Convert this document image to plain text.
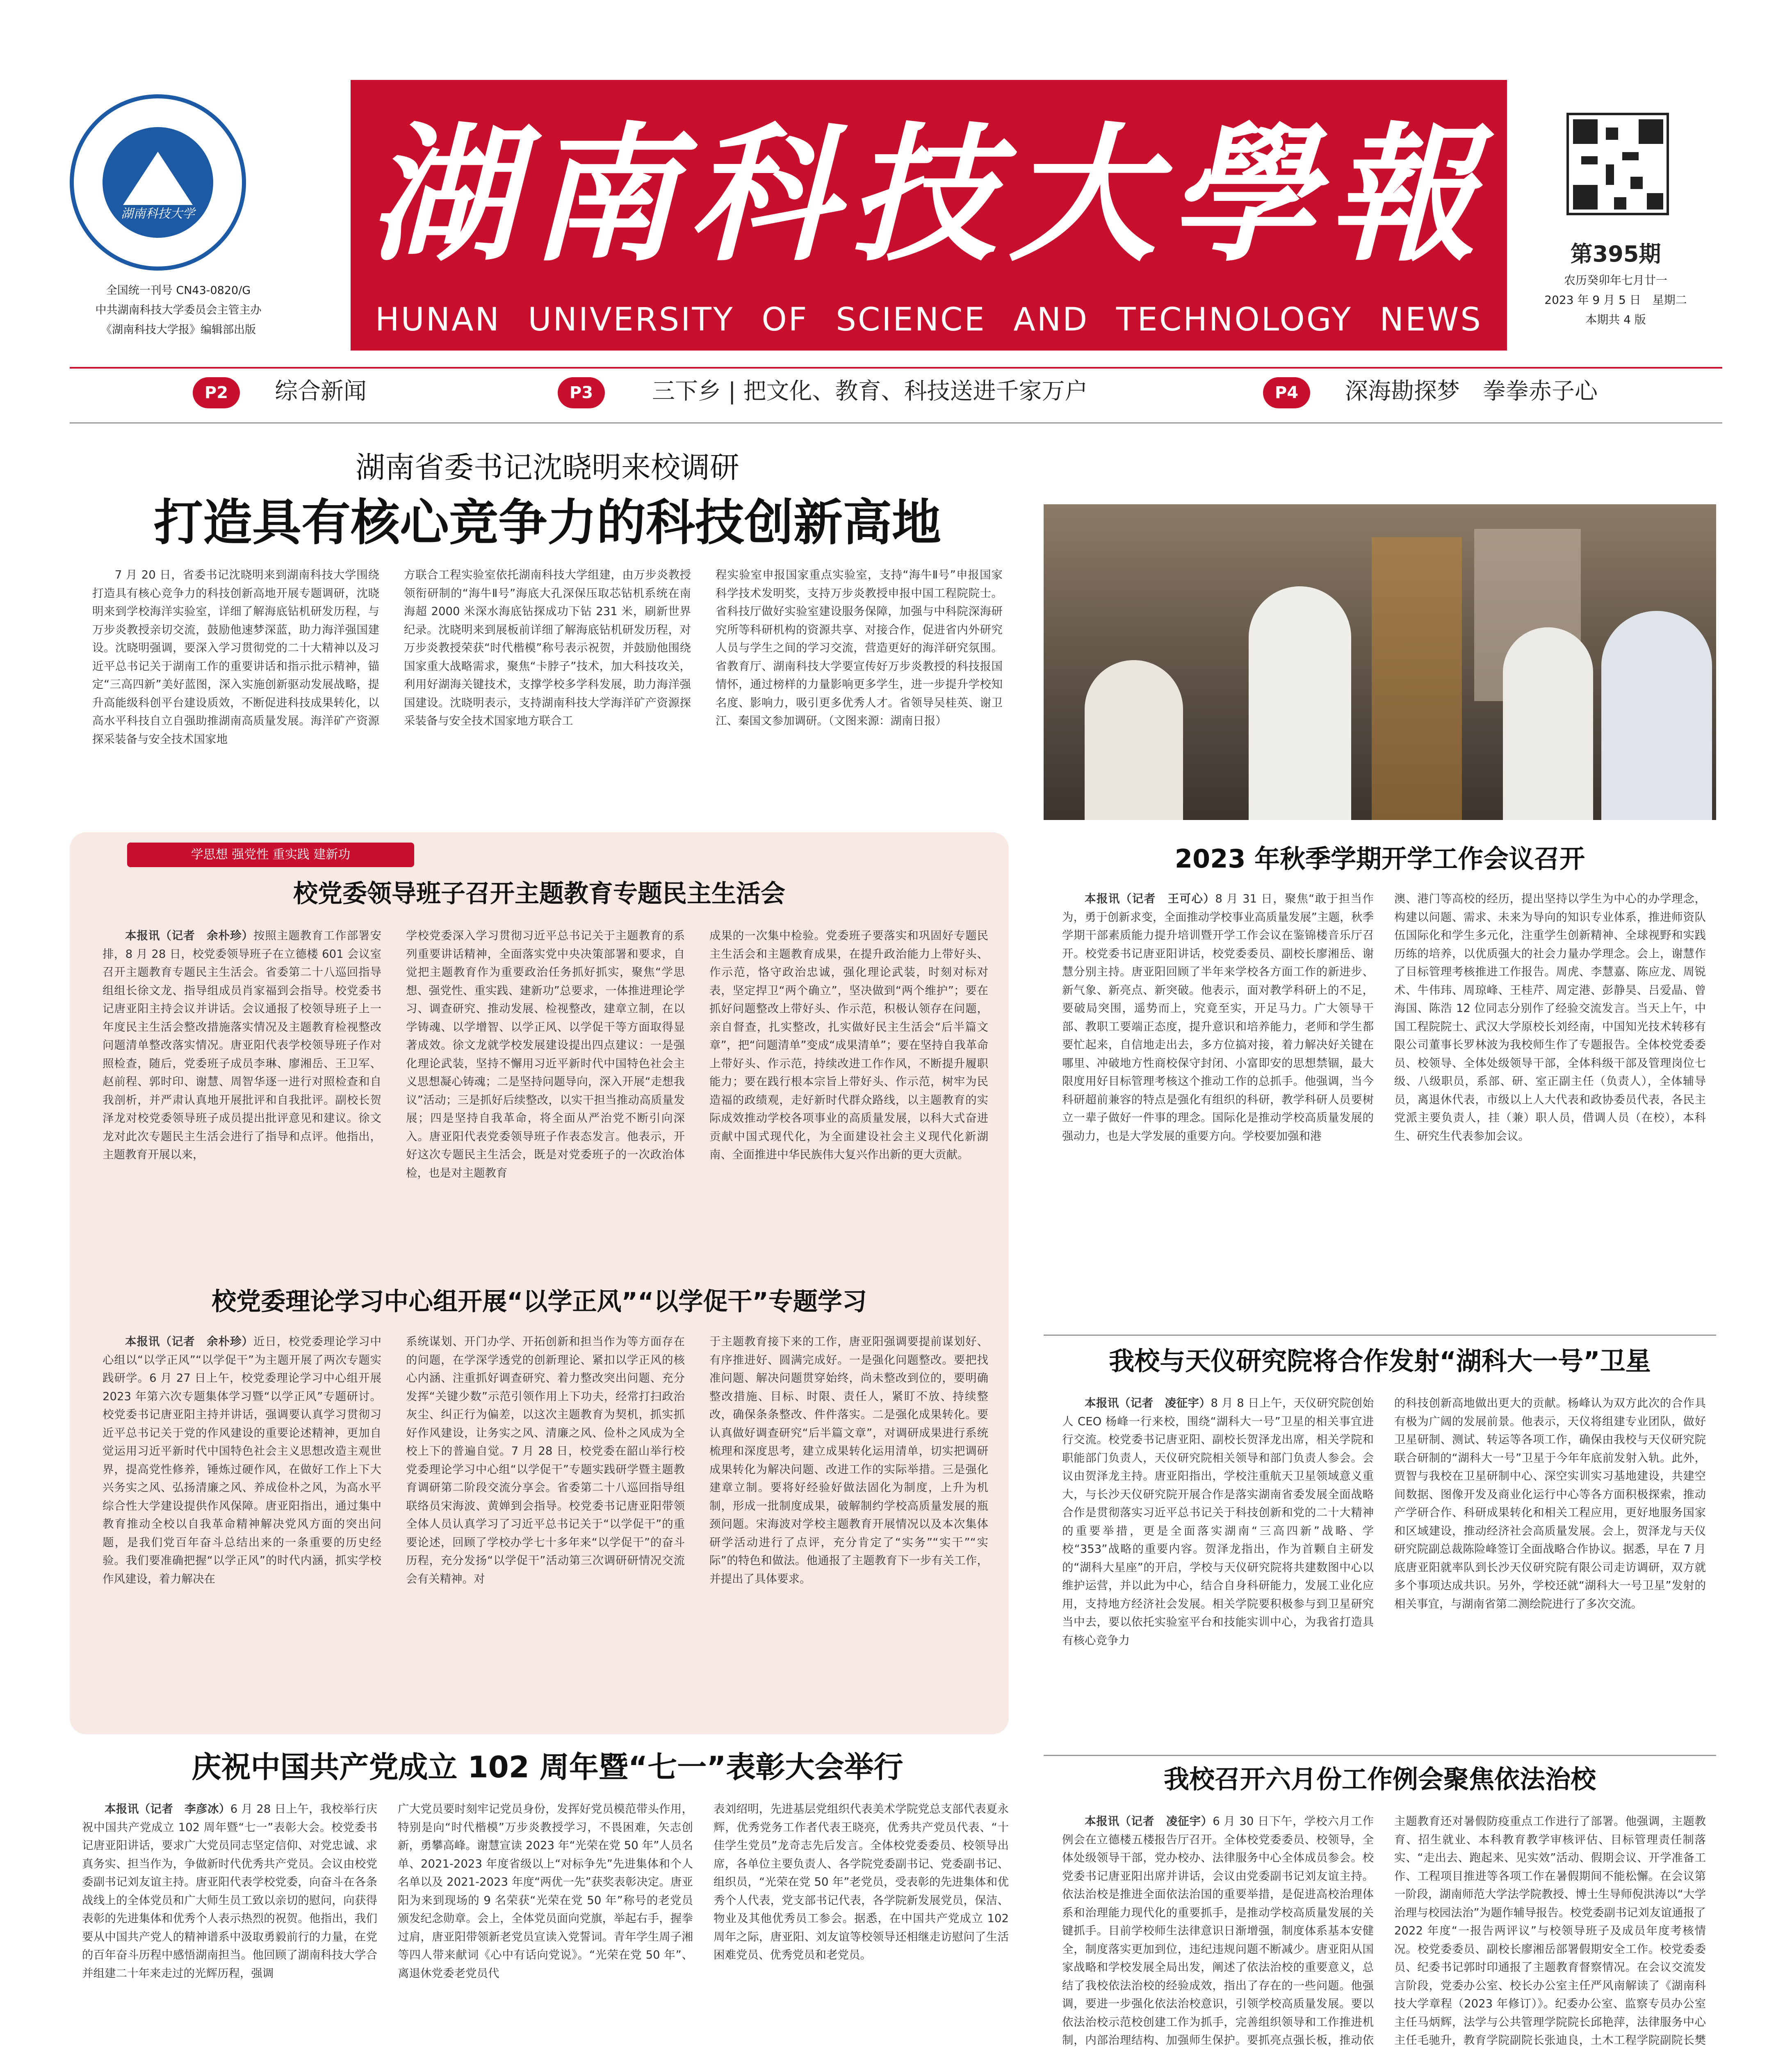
湖南科技大学
全国统一刊号 CN43-0820/G
中共湖南科技大学委员会主管主办
《湖南科技大学报》编辑部出版
湖南科技大學報
HUNAN UNIVERSITY OF SCIENCE AND TECHNOLOGY NEWS
第395期
农历癸卯年七月廿一
2023 年 9 月 5 日　星期二
本期共 4 版
P2	综合新闻	P3	三下乡 | 把文化、教育、科技送进千家万户	P4	深海勘探梦　拳拳赤子心
湖南省委书记沈晓明来校调研
打造具有核心竞争力的科技创新高地

7 月 20 日，省委书记沈晓明来到湖南科技大学围绕打造具有核心竞争力的科技创新高地开展专题调研，沈晓明来到学校海洋实验室，详细了解海底钻机研发历程，与万步炎教授亲切交流，鼓励他速梦深蓝，助力海洋强国建设。沈晓明强调，要深入学习贯彻党的二十大精神以及习近平总书记关于湖南工作的重要讲话和指示批示精神，锚定“三高四新”美好蓝图，深入实施创新驱动发展战略，提升高能级科创平台建设质效，不断促进科技成果转化，以高水平科技自立自强助推湖南高质量发展。海洋矿产资源探采装备与安全技术国家地

方联合工程实验室依托湖南科技大学组建，由万步炎教授领衔研制的“海牛Ⅱ号”海底大孔深保压取芯钻机系统在南海超 2000 米深水海底钻探成功下钻 231 米，刷新世界纪录。沈晓明来到展板前详细了解海底钻机研发历程，对万步炎教授荣获“时代楷模”称号表示祝贺，并鼓励他围绕国家重大战略需求，聚焦“卡脖子”技术，加大科技攻关，利用好湖海关键技术，支撑学校多学科发展，助力海洋强国建设。沈晓明表示，支持湖南科技大学海洋矿产资源探采装备与安全技术国家地方联合工

程实验室申报国家重点实验室，支持“海牛Ⅱ号”申报国家科学技术发明奖，支持万步炎教授申报中国工程院院士。省科技厅做好实验室建设服务保障，加强与中科院深海研究所等科研机构的资源共享、对接合作，促进省内外研究人员与学生之间的学习交流，营造更好的海洋研究氛围。省教育厅、湖南科技大学要宣传好万步炎教授的科技报国情怀，通过榜样的力量影响更多学生，进一步提升学校知名度、影响力，吸引更多优秀人才。省领导吴桂英、谢卫江、秦国文参加调研。（文图来源：湖南日报）

学思想 强党性 重实践 建新功
校党委领导班子召开主题教育专题民主生活会

本报讯（记者　余朴珍）按照主题教育工作部署安排，8 月 28 日，校党委领导班子在立德楼 601 会议室召开主题教育专题民主生活会。省委第二十八巡回指导组组长徐文龙、指导组成员肖家福到会指导。校党委书记唐亚阳主持会议并讲话。会议通报了校领导班子上一年度民主生活会整改措施落实情况及主题教育检视整改问题清单整改落实情况。唐亚阳代表学校领导班子作对照检查，随后，党委班子成员李琳、廖湘岳、王卫军、赵前程、郭时印、谢慧、周智华逐一进行对照检查和自我剖析，并严肃认真地开展批评和自我批评。副校长贺泽龙对校党委领导班子成员提出批评意见和建议。徐文龙对此次专题民主生活会进行了指导和点评。他指出，主题教育开展以来，

学校党委深入学习贯彻习近平总书记关于主题教育的系列重要讲话精神，全面落实党中央决策部署和要求，自觉把主题教育作为重要政治任务抓好抓实，聚焦“学思想、强党性、重实践、建新功”总要求，一体推进理论学习、调查研究、推动发展、检视整改，建章立制，在以学铸魂、以学增智、以学正风、以学促干等方面取得显著成效。徐文龙就学校发展建设提出四点建议：一是强化理论武装，坚持不懈用习近平新时代中国特色社会主义思想凝心铸魂；二是坚持问题导向，深入开展“走想我议”活动；三是抓好后续整改，以实干担当推动高质量发展；四是坚持自我革命，将全面从严治党不断引向深入。唐亚阳代表党委领导班子作表态发言。他表示，开好这次专题民主生活会，既是对党委班子的一次政治体检，也是对主题教育

成果的一次集中检验。党委班子要落实和巩固好专题民主生活会和主题教育成果，在提升政治能力上带好头、作示范，恪守政治忠诚，强化理论武装，时刻对标对表，坚定捍卫“两个确立”，坚决做到“两个维护”；要在抓好问题整改上带好头、作示范，积极认领存在问题，亲自督查，扎实整改，扎实做好民主生活会“后半篇文章”，把“问题清单”变成“成果清单”；要在坚持自我革命上带好头、作示范，持续改进工作作风，不断提升履职能力；要在践行根本宗旨上带好头、作示范，树牢为民造福的政绩观，走好新时代群众路线，以主题教育的实际成效推动学校各项事业的高质量发展，以科大式奋进贡献中国式现代化，为全面建设社会主义现代化新湖南、全面推进中华民族伟大复兴作出新的更大贡献。

校党委理论学习中心组开展“以学正风”“以学促干”专题学习

本报讯（记者　余朴珍）近日，校党委理论学习中心组以“以学正风”“以学促干”为主题开展了两次专题实践研学。6 月 27 日上午，校党委理论学习中心组开展 2023 年第六次专题集体学习暨“以学正风”专题研讨。校党委书记唐亚阳主持并讲话，强调要认真学习贯彻习近平总书记关于党的作风建设的重要论述精神，更加自觉运用习近平新时代中国特色社会主义思想改造主观世界，提高党性修养，锤炼过硬作风，在做好工作上下大兴务实之风、弘扬清廉之风、养成俭朴之风，为高水平综合性大学建设提供作风保障。唐亚阳指出，通过集中教育推动全校以自我革命精神解决党风方面的突出问题，是我们党百年奋斗总结出来的一条重要的历史经验。我们要准确把握“以学正风”的时代内涵，抓实学校作风建设，着力解决在

系统谋划、开门办学、开拓创新和担当作为等方面存在的问题，在学深学透党的创新理论、紧扣以学正风的核心内涵、注重抓好调查研究、着力整改突出问题、充分发挥“关键少数”示范引领作用上下功夫，经常打扫政治灰尘、纠正行为偏差，以这次主题教育为契机，抓实抓好作风建设，让务实之风、清廉之风、俭朴之风成为全校上下的普遍自觉。7 月 28 日，校党委在韶山举行校党委理论学习中心组“以学促干”专题实践研学暨主题教育调研第二阶段交流分享会。省委第二十八巡回指导组联络员宋海波、黄婵到会指导。校党委书记唐亚阳带领全体人员认真学习了习近平总书记关于“以学促干”的重要论述，回顾了学校办学七十多年来“以学促干”的奋斗历程，充分发扬“以学促干”活动第三次调研研情况交流会有关精神。对

于主题教育接下来的工作，唐亚阳强调要提前谋划好、有序推进好、圆满完成好。一是强化问题整改。要把找准问题、解决问题贯穿始终，尚未整改到位的，要明确整改措施、目标、时限、责任人，紧盯不放、持续整改，确保条条整改、件件落实。二是强化成果转化。要认真做好调查研究“后半篇文章”，对调研成果进行系统梳理和深度思考，建立成果转化运用清单，切实把调研成果转化为解决问题、改进工作的实际举措。三是强化建章立制。要将好经验好做法固化为制度，上升为机制，形成一批制度成果，破解制约学校高质量发展的瓶颈问题。宋海波对学校主题教育开展情况以及本次集体研学活动进行了点评，充分肯定了“实务”“实干”“实际”的特色和做法。他通报了主题教育下一步有关工作，并提出了具体要求。

2023 年秋季学期开学工作会议召开

本报讯（记者　王可心）8 月 31 日，聚焦“敢于担当作为，勇于创新求变，全面推动学校事业高质量发展”主题，秋季学期干部素质能力提升培训暨开学工作会议在鉴锦楼音乐厅召开。校党委书记唐亚阳讲话，校党委委员、副校长廖湘岳、谢慧分别主持。唐亚阳回顾了半年来学校各方面工作的新进步、新气象、新亮点、新突破。他表示，面对教学科研上的不足，要破局突围，遥势而上，究竟至实，开足马力。广大领导干部、教职工要端正态度，提升意识和培养能力，老师和学生都要忙起来，自信地走出去，多方位搞对接，着力解决好关键在哪里、冲破地方性商校保守封闭、小富即安的思想禁锢，最大限度用好目标管理考核这个推动工作的总抓手。他强调，当今科研超前兼容的特点是强化有组织的科研，教学科研人员要树立一辈子做好一件事的理念。国际化是推动学校高质量发展的强动力，也是大学发展的重要方向。学校要加强和港

澳、港门等高校的经历，提出坚持以学生为中心的办学理念，构建以问题、需求、未来为导向的知识专业体系，推进师资队伍国际化和学生多元化，注重学生创新精神、全球视野和实践历练的培养，以优质强大的社会力量办学理念。会上，谢慧作了目标管理考核推进工作报告。周虎、李慧嘉、陈应龙、周锐术、牛伟玮、周琼峰、王桂芹、周定港、彭静昊、吕爱晶、曾海国、陈浩 12 位同志分别作了经验交流发言。当天上午，中国工程院院士、武汉大学原校长刘经南，中国知光技术转移有限公司董事长罗林波为我校师生作了专题报告。全体校党委委员、校领导、全体处级领导干部，全体科级干部及管理岗位七级、八级职员，系部、研、室正副主任（负责人），全体辅导员，离退休代表，市级以上人大代表和政协委员代表，各民主党派主要负责人，挂（兼）职人员，借调人员（在校），本科生、研究生代表参加会议。

我校与天仪研究院将合作发射“湖科大一号”卫星

本报讯（记者　凌征宇）8 月 8 日上午，天仪研究院创始人 CEO 杨峰一行来校，围绕“湖科大一号”卫星的相关事宜进行交流。校党委书记唐亚阳、副校长贺泽龙出席，相关学院和职能部门负责人，天仪研究院相关领导和部门负责人参会。会议由贺泽龙主持。唐亚阳指出，学校注重航天卫星领域意义重大，与长沙天仪研究院开展合作是落实湖南省委发展全面战略合作是贯彻落实习近平总书记关于科技创新和党的二十大精神的重要举措，更是全面落实湖南“三高四新”战略、学校“353”战略的重要内容。贺泽龙指出，作为首颗自主研发的“湖科大星座”的开启，学校与天仪研究院将共建数图中心以维护运营，并以此为中心，结合自身科研能力，发展工业化应用，支持地方经济社会发展。相关学院要积极参与到卫星研究当中去，要以依托实验室平台和技能实训中心，为我省打造具有核心竞争力

的科技创新高地做出更大的贡献。杨峰认为双方此次的合作具有极为广阔的发展前景。他表示，天仪将组建专业团队，做好卫星研制、测试、转运等各项工作，确保由我校与天仪研究院联合研制的“湖科大一号”卫星于今年年底前发射入轨。此外，贾智与我校在卫星研制中心、深空实训实习基地建设，共建空间数据、图像开发及商业化运行中心等各方面积极探索，推动产学研合作、科研成果转化和相关工程应用，更好地服务国家和区域建设，推动经济社会高质量发展。会上，贺泽龙与天仪研究院副总裁陈险峰签订全面战略合作协议。据悉，早在 7 月底唐亚阳就率队到长沙天仪研究院有限公司走访调研，双方就多个事项达成共识。另外，学校还就“湖科大一号卫星”发射的相关事宜，与湖南省第二测绘院进行了多次交流。

我校召开六月份工作例会聚焦依法治校

本报讯（记者　凌征宇）6 月 30 日下午，学校六月工作例会在立德楼五楼报告厅召开。全体校党委委员、校领导，全体处级领导干部，党办校办、法律服务中心全体成员参会。校党委书记唐亚阳出席并讲话，会议由党委副书记刘友谊主持。依法治校是推进全面依法治国的重要举措，是促进高校治理体系和治理能力现代化的重要抓手，是推动学校高质量发展的关键抓手。目前学校师生法律意识日渐增强，制度体系基本安健全，制度落实更加到位，违纪违规问题不断减少。唐亚阳从国家战略和学校发展全局出发，阐述了依法治校的重要意义，总结了我校依法治校的经验成效，指出了存在的一些问题。他强调，要进一步强化依法治校意识，引领学校高质量发展。要以依法治校示范校创建工作为抓手，完善组织领导和工作推进机制，内部治理结构、加强师生保护。要抓亮点强长板，推动依

主题教育还对暑假防疫重点工作进行了部署。他强调，主题教育、招生就业、本科教育教学审核评估、目标管理责任制落实、“走出去、跑起来、见实效”活动、假期会议、开学准备工作、工程项目推进等各项工作在暑假期间不能松懈。在会议第一阶段，湖南师范大学法学院教授、博士生导师倪洪涛以“大学治理与校园法治”为题作辅导报告。校党委副书记刘友谊通报了 2022 年度“一报告两评议”与校领导班子及成员年度考核情况。校党委委员、副校长廖湘岳部署假期安全工作。校党委委员、纪委书记郭时印通报了主题教育督察情况。在会议交流发言阶段，党委办公室、校长办公室主任严风南解读了《湖南科技大学章程（2023 年修订）》。纪委办公室、监察专员办公室主任马炳辉，法学与公共管理学院院长邱艳萍，法律服务中心主任毛驰升，教育学院副院长张迪良，土木工程学院副院长樊

庆祝中国共产党成立 102 周年暨“七一”表彰大会举行

本报讯（记者　李彦冰）6 月 28 日上午，我校举行庆祝中国共产党成立 102 周年暨“七一”表彰大会。校党委书记唐亚阳讲话，要求广大党员同志坚定信仰、对党忠诚、求真务实、担当作为，争做新时代优秀共产党员。会议由校党委副书记刘友谊主持。唐亚阳代表学校党委，向奋斗在各条战线上的全体党员和广大师生员工致以亲切的慰问，向获得表彰的先进集体和优秀个人表示热烈的祝贺。他指出，我们要从中国共产党人的精神谱系中汲取勇毅前行的力量，在党的百年奋斗历程中感悟湖南担当。他回顾了湖南科技大学合并组建二十年来走过的光辉历程，强调

广大党员要时刻牢记党员身份，发挥好党员模范带头作用，特别是向“时代楷模”万步炎教授学习，不畏困难，矢志创新，勇攀高峰。谢慧宣读 2023 年“光荣在党 50 年”人员名单、2021-2023 年度省级以上“对标争先”先进集体和个人名单以及 2021-2023 年度“两优一先”获奖表彰决定。唐亚阳为来到现场的 9 名荣获“光荣在党 50 年”称号的老党员颁发纪念勋章。会上，全体党员面向党旗，举起右手，握拳过肩，唐亚阳带领新老党员宣读入党誓词。青年学生周子湘等四人带来献词《心中有话向党说》。“光荣在党 50 年”、离退休党委老党员代

表刘绍明，先进基层党组织代表美术学院党总支部代表夏永辉，优秀党务工作者代表王晓亮，优秀共产党员代表、“十佳学生党员”龙奇志先后发言。全体校党委委员、校领导出席，各单位主要负责人、各学院党委副书记、党委副书记、组织员，“光荣在党 50 年”老党员，受表彰的先进集体和优秀个人代表，党支部书记代表，各学院新发展党员，保洁、物业及其他优秀员工参会。据悉，在中国共产党成立 102 周年之际，唐亚阳、刘友谊等校领导还相继走访慰问了生活困难党员、优秀党员和老党员。
